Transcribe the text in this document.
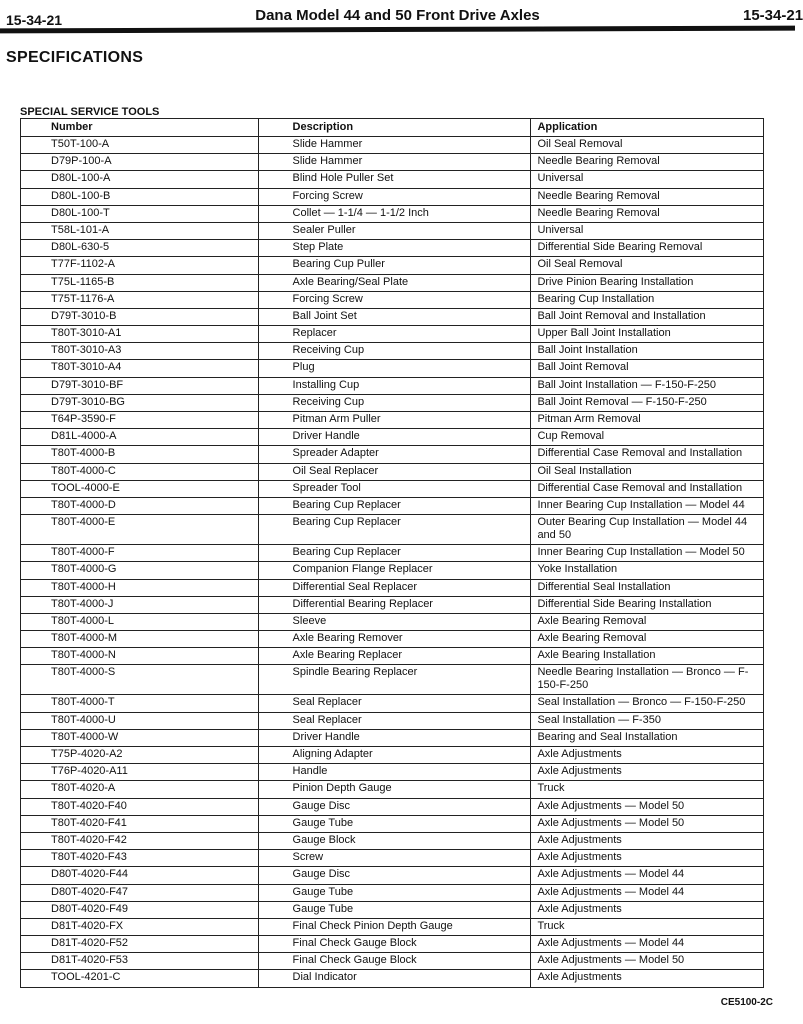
15-34-21	Dana Model 44 and 50 Front Drive Axles	15-34-21
SPECIFICATIONS
SPECIAL SERVICE TOOLS
Number	Description	Application
T50T-100-A	Slide Hammer	Oil Seal Removal
D79P-100-A	Slide Hammer	Needle Bearing Removal
D80L-100-A	Blind Hole Puller Set	Universal
D80L-100-B	Forcing Screw	Needle Bearing Removal
D80L-100-T	Collet — 1-1/4 — 1-1/2 Inch	Needle Bearing Removal
T58L-101-A	Sealer Puller	Universal
D80L-630-5	Step Plate	Differential Side Bearing Removal
T77F-1102-A	Bearing Cup Puller	Oil Seal Removal
T75L-1165-B	Axle Bearing/Seal Plate	Drive Pinion Bearing Installation
T75T-1176-A	Forcing Screw	Bearing Cup Installation
D79T-3010-B	Ball Joint Set	Ball Joint Removal and Installation
T80T-3010-A1	Replacer	Upper Ball Joint Installation
T80T-3010-A3	Receiving Cup	Ball Joint Installation
T80T-3010-A4	Plug	Ball Joint Removal
D79T-3010-BF	Installing Cup	Ball Joint Installation — F-150-F-250
D79T-3010-BG	Receiving Cup	Ball Joint Removal — F-150-F-250
T64P-3590-F	Pitman Arm Puller	Pitman Arm Removal
D81L-4000-A	Driver Handle	Cup Removal
T80T-4000-B	Spreader Adapter	Differential Case Removal and Installation
T80T-4000-C	Oil Seal Replacer	Oil Seal Installation
TOOL-4000-E	Spreader Tool	Differential Case Removal and Installation
T80T-4000-D	Bearing Cup Replacer	Inner Bearing Cup Installation — Model 44
T80T-4000-E	Bearing Cup Replacer	Outer Bearing Cup Installation — Model 44 and 50
T80T-4000-F	Bearing Cup Replacer	Inner Bearing Cup Installation — Model 50
T80T-4000-G	Companion Flange Replacer	Yoke Installation
T80T-4000-H	Differential Seal Replacer	Differential Seal Installation
T80T-4000-J	Differential Bearing Replacer	Differential Side Bearing Installation
T80T-4000-L	Sleeve	Axle Bearing Removal
T80T-4000-M	Axle Bearing Remover	Axle Bearing Removal
T80T-4000-N	Axle Bearing Replacer	Axle Bearing Installation
T80T-4000-S	Spindle Bearing Replacer	Needle Bearing Installation — Bronco — F-150-F-250
T80T-4000-T	Seal Replacer	Seal Installation — Bronco — F-150-F-250
T80T-4000-U	Seal Replacer	Seal Installation — F-350
T80T-4000-W	Driver Handle	Bearing and Seal Installation
T75P-4020-A2	Aligning Adapter	Axle Adjustments
T76P-4020-A11	Handle	Axle Adjustments
T80T-4020-A	Pinion Depth Gauge	Truck
T80T-4020-F40	Gauge Disc	Axle Adjustments — Model 50
T80T-4020-F41	Gauge Tube	Axle Adjustments — Model 50
T80T-4020-F42	Gauge Block	Axle Adjustments
T80T-4020-F43	Screw	Axle Adjustments
D80T-4020-F44	Gauge Disc	Axle Adjustments — Model 44
D80T-4020-F47	Gauge Tube	Axle Adjustments — Model 44
D80T-4020-F49	Gauge Tube	Axle Adjustments
D81T-4020-FX	Final Check Pinion Depth Gauge	Truck
D81T-4020-F52	Final Check Gauge Block	Axle Adjustments — Model 44
D81T-4020-F53	Final Check Gauge Block	Axle Adjustments — Model 50
TOOL-4201-C	Dial Indicator	Axle Adjustments
CE5100-2C
